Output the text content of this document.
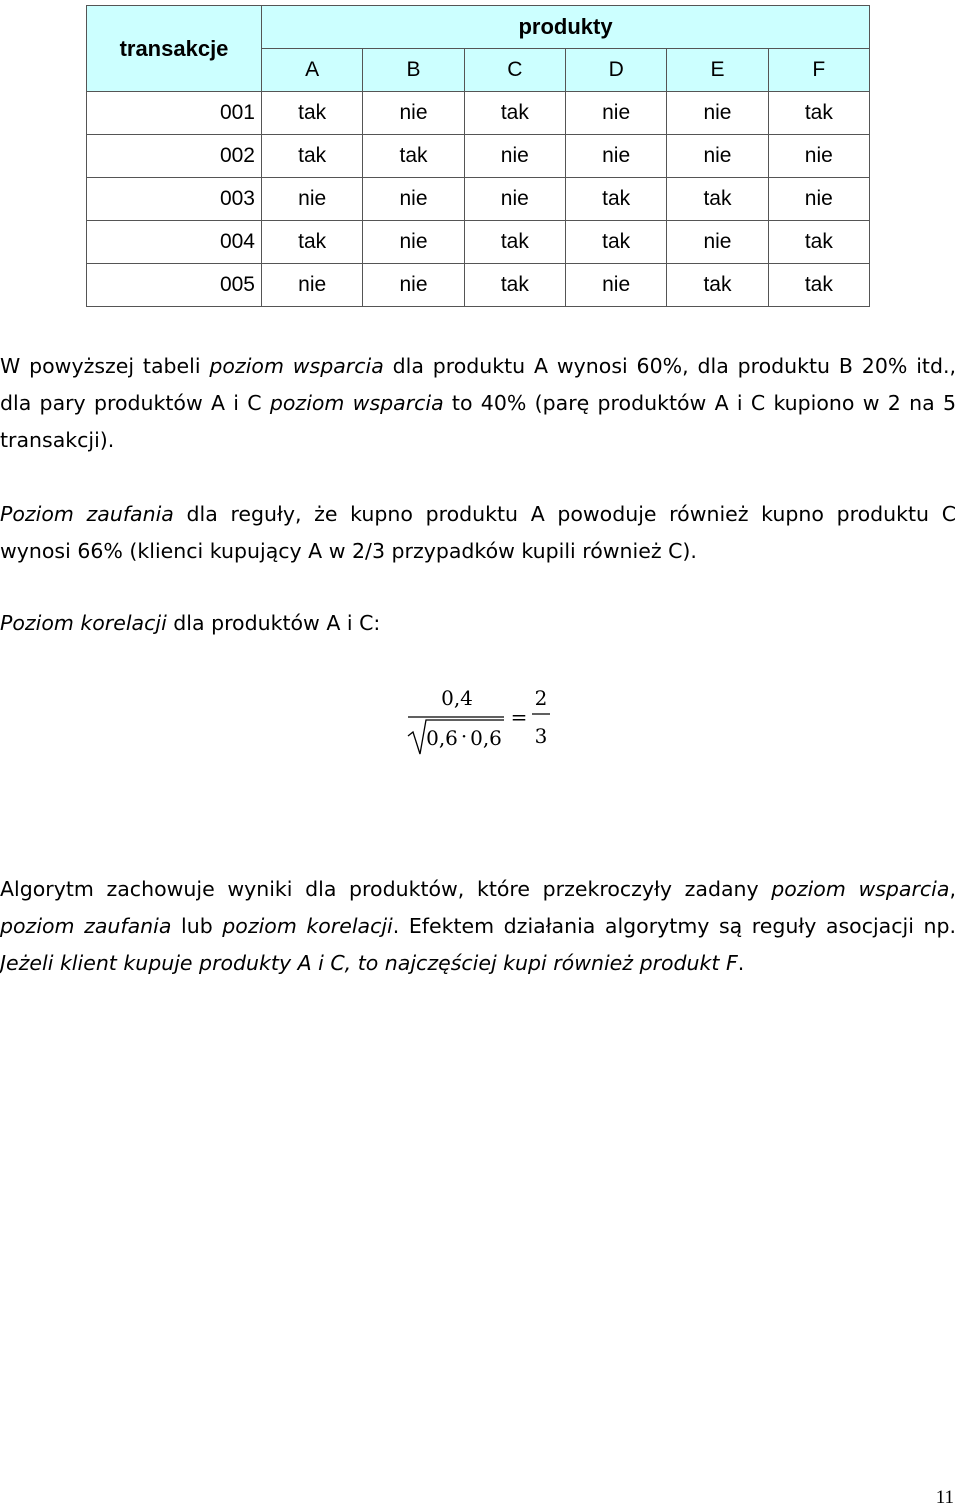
transakcje	produkty					
	A	B	C	D	E	F
001	tak	nie	tak	nie	nie	tak
002	tak	tak	nie	nie	nie	nie
003	nie	nie	nie	tak	tak	nie
004	tak	nie	tak	tak	nie	tak
005	nie	nie	tak	nie	tak	tak

W powyższej tabeli poziom wsparcia dla produktu A wynosi 60%, dla produktu B 20% itd., dla pary produktów A i C poziom wsparcia to 40% (parę produktów A i C kupiono w 2 na 5 transakcji).

Poziom zaufania dla reguły, że kupno produktu A powoduje również kupno produktu C wynosi 66% (klienci kupujący A w 2/3 przypadków kupili również C).

Poziom korelacji dla produktów A i C:

0,4
0,6 · 0,6
=
2
3

Algorytm zachowuje wyniki dla produktów, które przekroczyły zadany poziom wsparcia, poziom zaufania lub poziom korelacji. Efektem działania algorytmy są reguły asocjacji np. Jeżeli klient kupuje produkty A i C, to najczęściej kupi również produkt F.

11
